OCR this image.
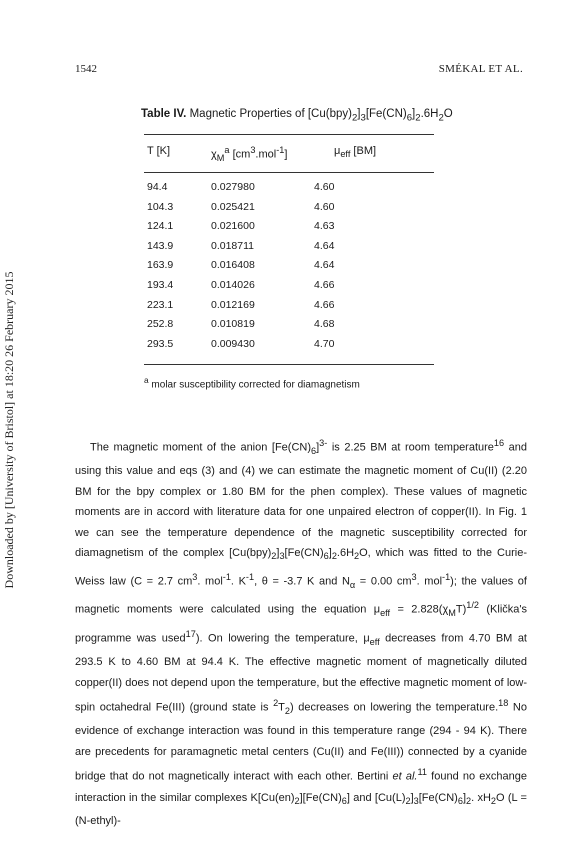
1542	SMÉKAL ET AL.
Downloaded by [University of Bristol] at 18:20 26 February 2015
Table IV. Magnetic Properties of $[Cu(bpy)_2]_3[Fe(CN)_6]_2.6H_2O$
T [K]	$\chi_M^a$ $[cm^3.mol^{-1}]$	$\mu_{eff}$ [BM]
94.4	0.027980	4.60
104.3	0.025421	4.60
124.1	0.021600	4.63
143.9	0.018711	4.64
163.9	0.016408	4.64
193.4	0.014026	4.66
223.1	0.012169	4.66
252.8	0.010819	4.68
293.5	0.009430	4.70
$^a$ molar susceptibility corrected for diamagnetism

The magnetic moment of the anion $[Fe(CN)_6]^{3-}$ is 2.25 BM at room temperature$^{16}$ and using this value and eqs (3) and (4) we can estimate the magnetic moment of Cu(II) (2.20 BM for the bpy complex or 1.80 BM for the phen complex). These values of magnetic moments are in accord with literature data for one unpaired electron of copper(II). In Fig. 1 we can see the temperature dependence of the magnetic susceptibility corrected for diamagnetism of the complex $[Cu(bpy)_2]_3[Fe(CN)_6]_2.6H_2O$, which was fitted to the Curie-Weiss law (C = 2.7 $cm^3$. mol$^{-1}$. $K^{-1}$, θ = -3.7 K and $N_\alpha = 0.00$ $cm^3$. mol$^{-1}$); the values of magnetic moments were calculated using the equation $\mu_{eff} = 2.828(\chi_MT)^{1/2}$ (Klička's programme was used$^{17}$). On lowering the temperature, $\mu_{eff}$ decreases from 4.70 BM at 293.5 K to 4.60 BM at 94.4 K. The effective magnetic moment of magnetically diluted copper(II) does not depend upon the temperature, but the effective magnetic moment of low-spin octahedral Fe(III) (ground state is $^2T_2$) decreases on lowering the temperature.$^{18}$ No evidence of exchange interaction was found in this temperature range (294 - 94 K). There are precedents for paramagnetic metal centers (Cu(II) and Fe(III)) connected by a cyanide bridge that do not magnetically interact with each other. Bertini et al.$^{11}$ found no exchange interaction in the similar complexes $K[Cu(en)_2][Fe(CN)_6]$ and $[Cu(L)_2]_3[Fe(CN)_6]_2$. $xH_2O$ (L = (N-ethyl)-
